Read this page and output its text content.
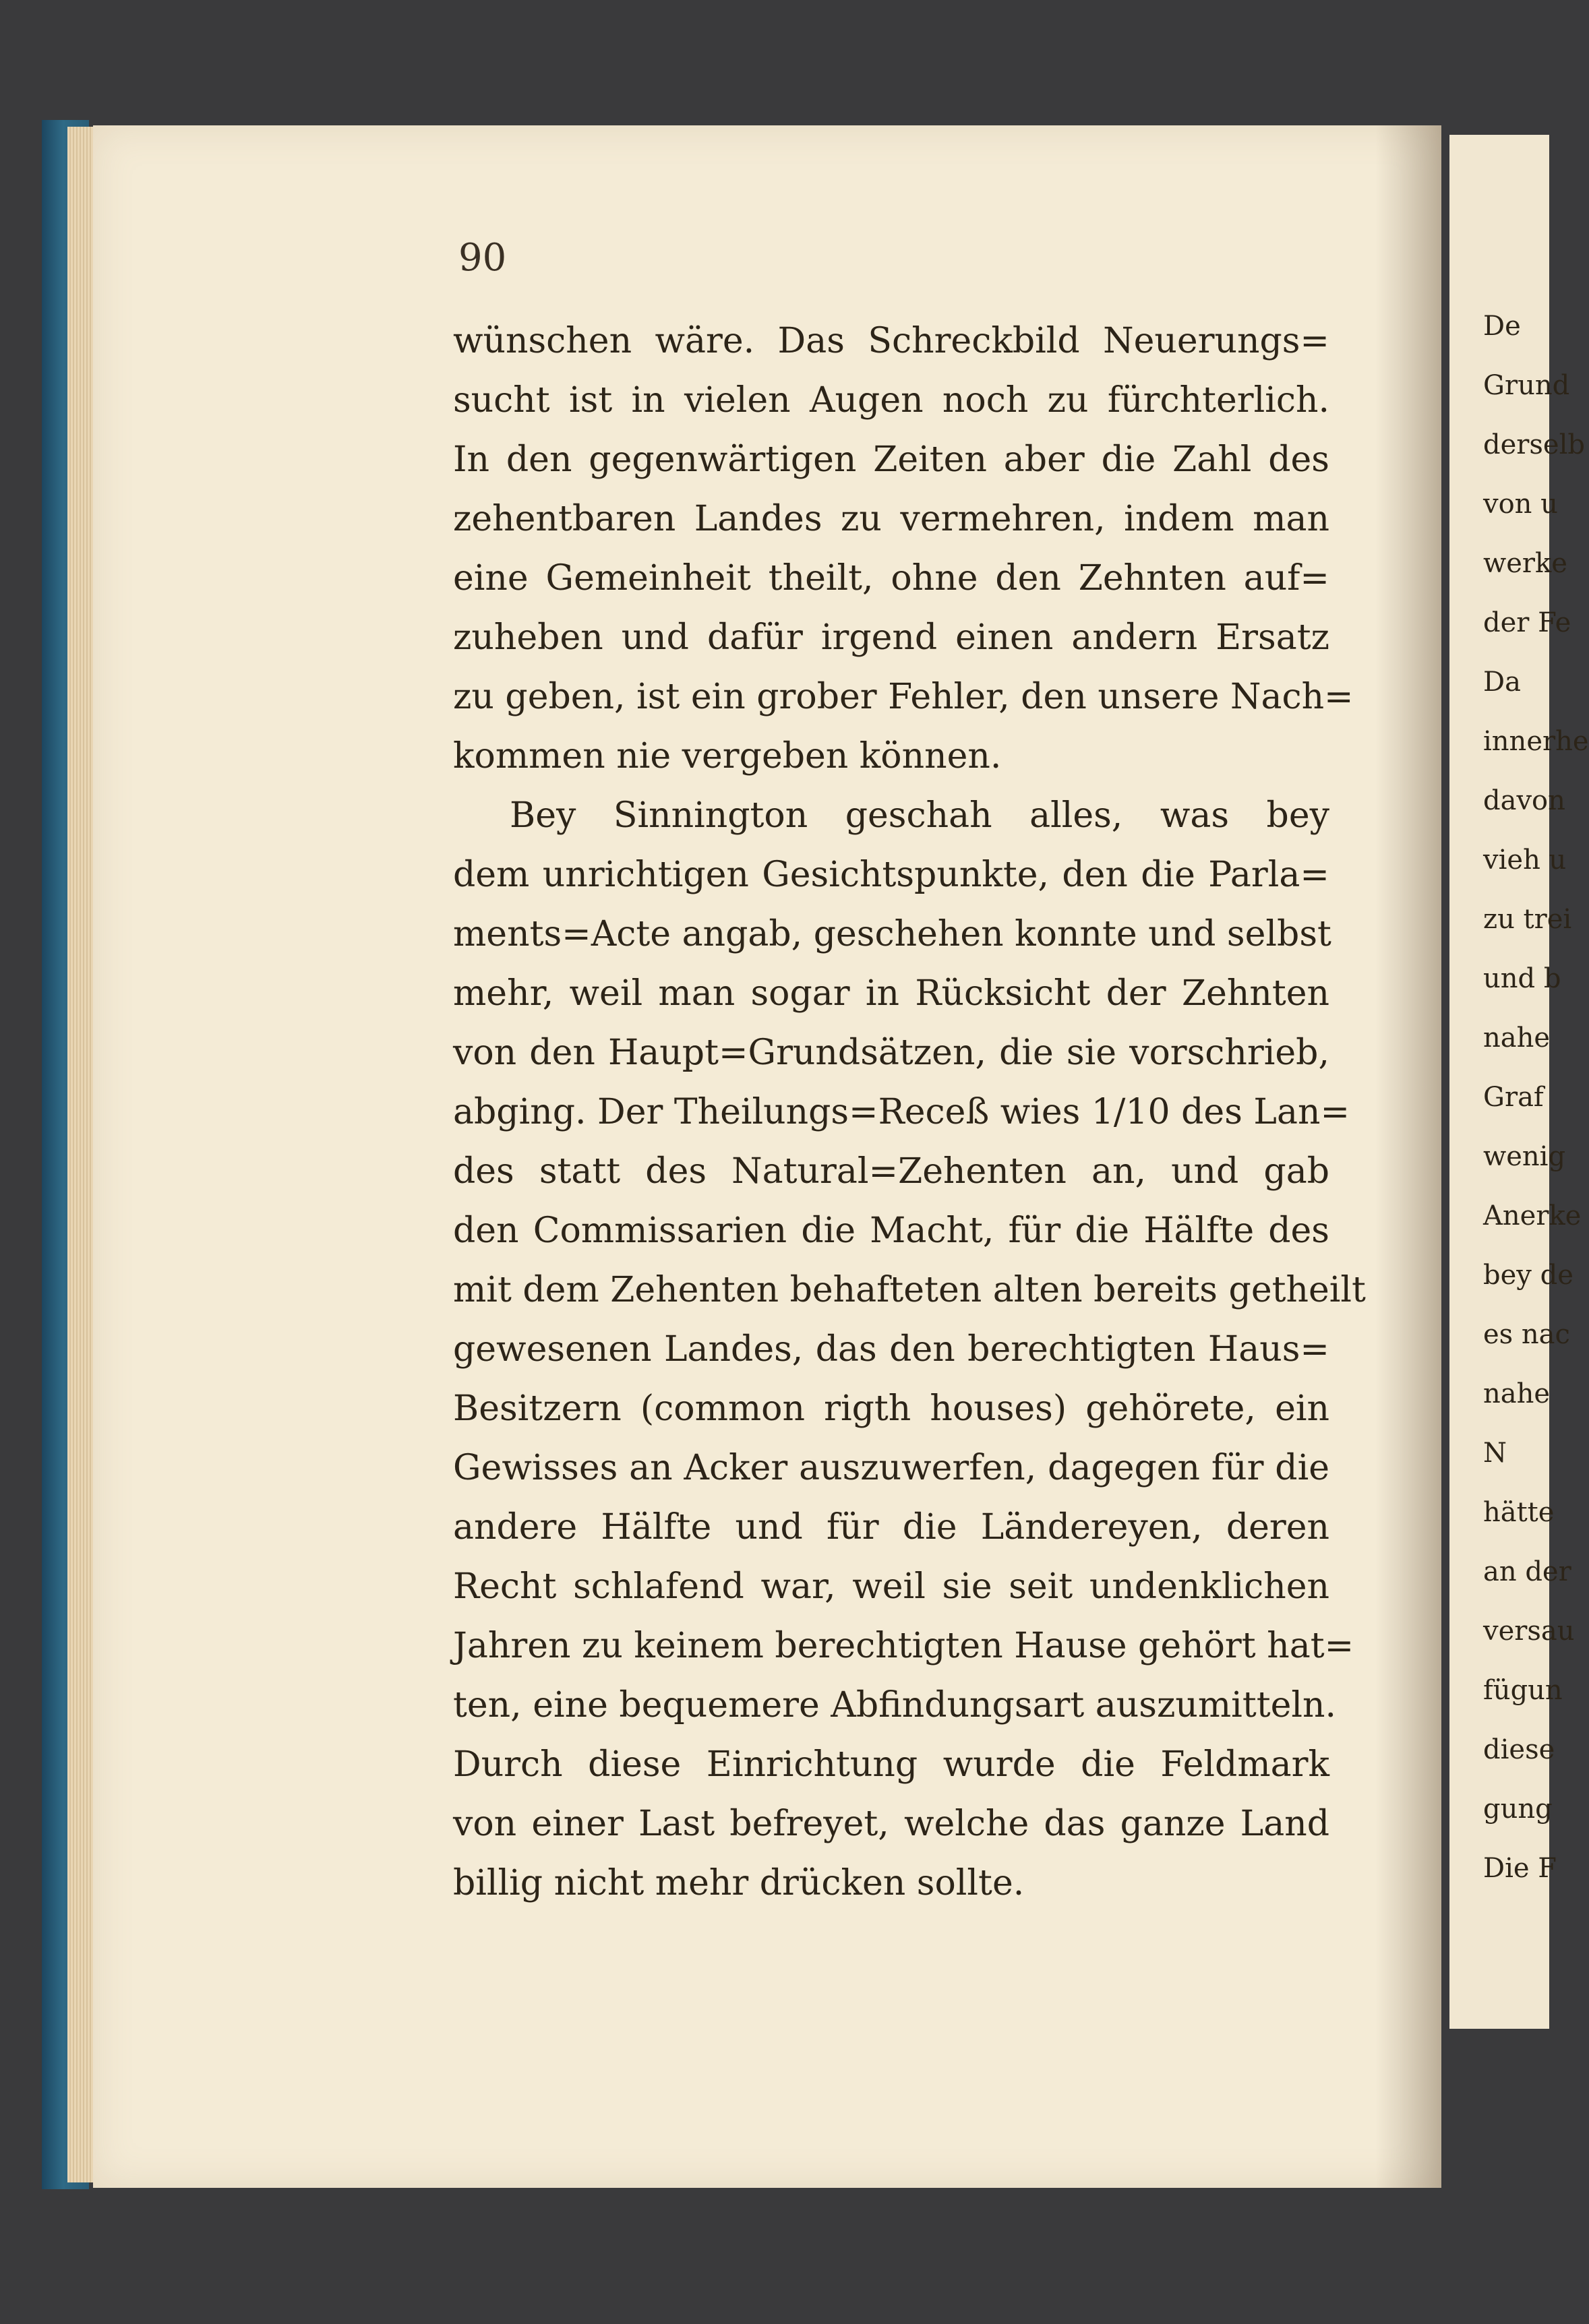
90
wünschen wäre. Das Schreckbild Neuerungs=
sucht ist in vielen Augen noch zu fürchterlich.
In den gegenwärtigen Zeiten aber die Zahl des
zehentbaren Landes zu vermehren, indem man
eine Gemeinheit theilt, ohne den Zehnten auf=
zuheben und dafür irgend einen andern Ersatz
zu geben, ist ein grober Fehler, den unsere Nach=
kommen nie vergeben können.
Bey Sinnington geschah alles, was bey
dem unrichtigen Gesichtspunkte, den die Parla=
ments=Acte angab, geschehen konnte und selbst
mehr, weil man sogar in Rücksicht der Zehnten
von den Haupt=Grundsätzen, die sie vorschrieb,
abging. Der Theilungs=Receß wies 1/10 des Lan=
des statt des Natural=Zehenten an, und gab
den Commissarien die Macht, für die Hälfte des
mit dem Zehenten behafteten alten bereits getheilt
gewesenen Landes, das den berechtigten Haus=
Besitzern (common rigth houses) gehörete, ein
Gewisses an Acker auszuwerfen, dagegen für die
andere Hälfte und für die Ländereyen, deren
Recht schlafend war, weil sie seit undenklichen
Jahren zu keinem berechtigten Hause gehört hat=
ten, eine bequemere Abfindungsart auszumitteln.
Durch diese Einrichtung wurde die Feldmark
von einer Last befreyet, welche das ganze Land
billig nicht mehr drücken sollte.
De
Grund
derselb
von u
werke
der Fe
Da
innerhe
davon
vieh u
zu trei
und b
nahe
Graf
wenig
Anerke
bey de
es nac
nahe
N
hätte
an der
versau
fügun
diese
gung
Die F
